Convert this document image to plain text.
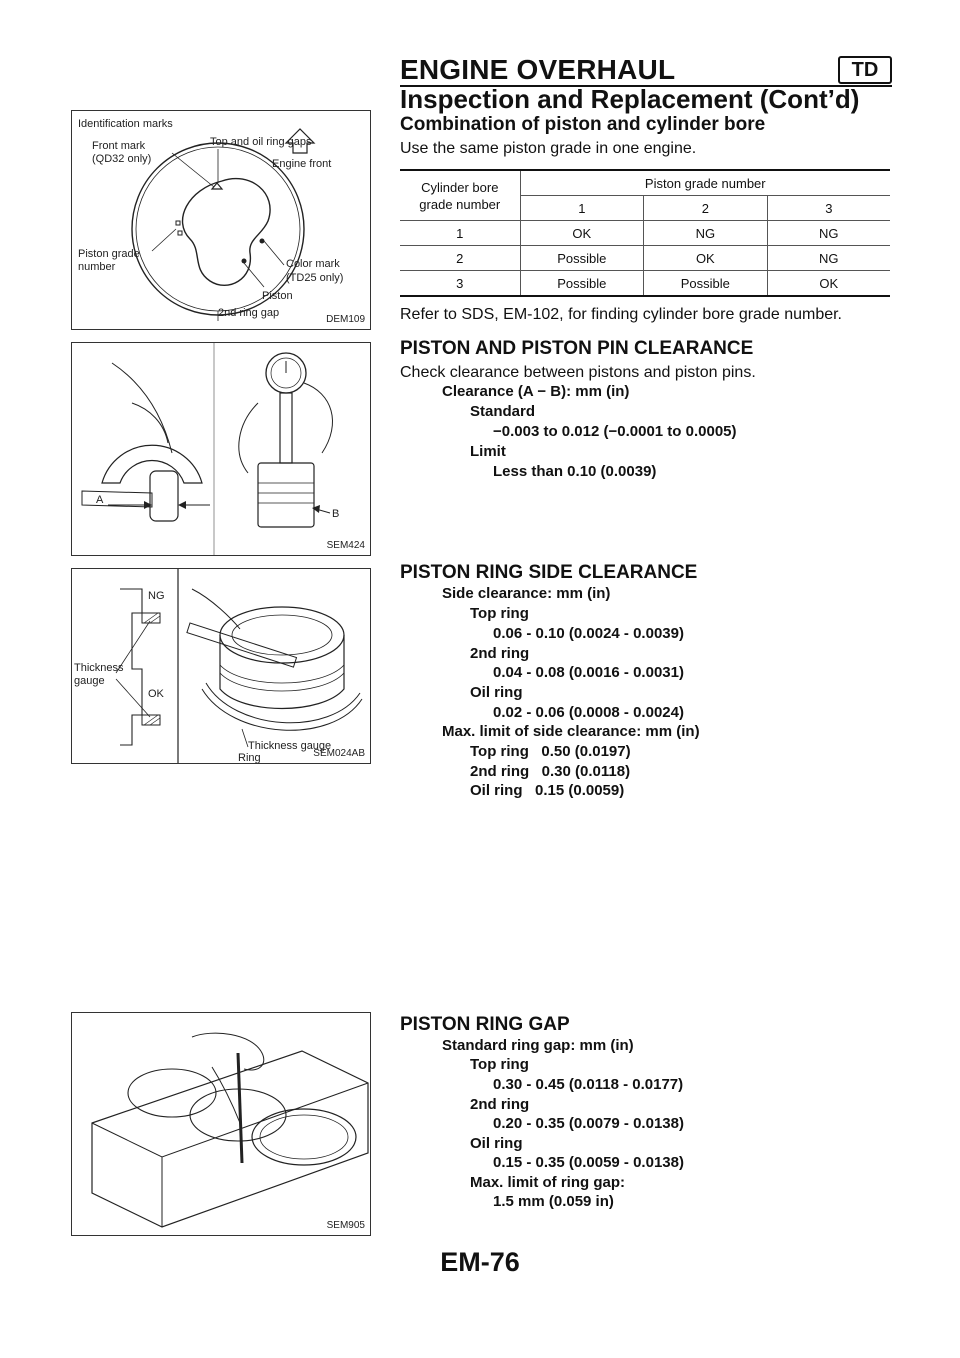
ENGINE OVERHAUL	TD
Inspection and Replacement (Cont’d)
Identification marks
Front mark
(QD32 only)
Top and oil ring gaps
Engine front
Piston grade
number	Color mark
(TD25 only)
Piston
2nd ring gap
DEM109
A
B
SEM424
NG
OK
Thickness
gauge
Thickness gauge
Ring	SEM024AB
SEM905
Combination of piston and cylinder bore
Use the same piston grade in one engine.
Cylinder bore
grade number	Piston grade number		
	1	2	3
1	OK	NG	NG
2	Possible	OK	NG
3	Possible	Possible	OK
Refer to SDS, EM-102, for finding cylinder bore grade number.
PISTON AND PISTON PIN CLEARANCE
Check clearance between pistons and piston pins.
Clearance (A − B): mm (in)
Standard
−0.003 to 0.012 (−0.0001 to 0.0005)
Limit
Less than 0.10 (0.0039)
PISTON RING SIDE CLEARANCE
Side clearance: mm (in)
Top ring
0.06 - 0.10 (0.0024 - 0.0039)
2nd ring
0.04 - 0.08 (0.0016 - 0.0031)
Oil ring
0.02 - 0.06 (0.0008 - 0.0024)
Max. limit of side clearance: mm (in)
Top ring   0.50 (0.0197)
2nd ring   0.30 (0.0118)
Oil ring   0.15 (0.0059)
PISTON RING GAP
Standard ring gap: mm (in)
Top ring
0.30 - 0.45 (0.0118 - 0.0177)
2nd ring
0.20 - 0.35 (0.0079 - 0.0138)
Oil ring
0.15 - 0.35 (0.0059 - 0.0138)
Max. limit of ring gap:
1.5 mm (0.059 in)
EM-76
